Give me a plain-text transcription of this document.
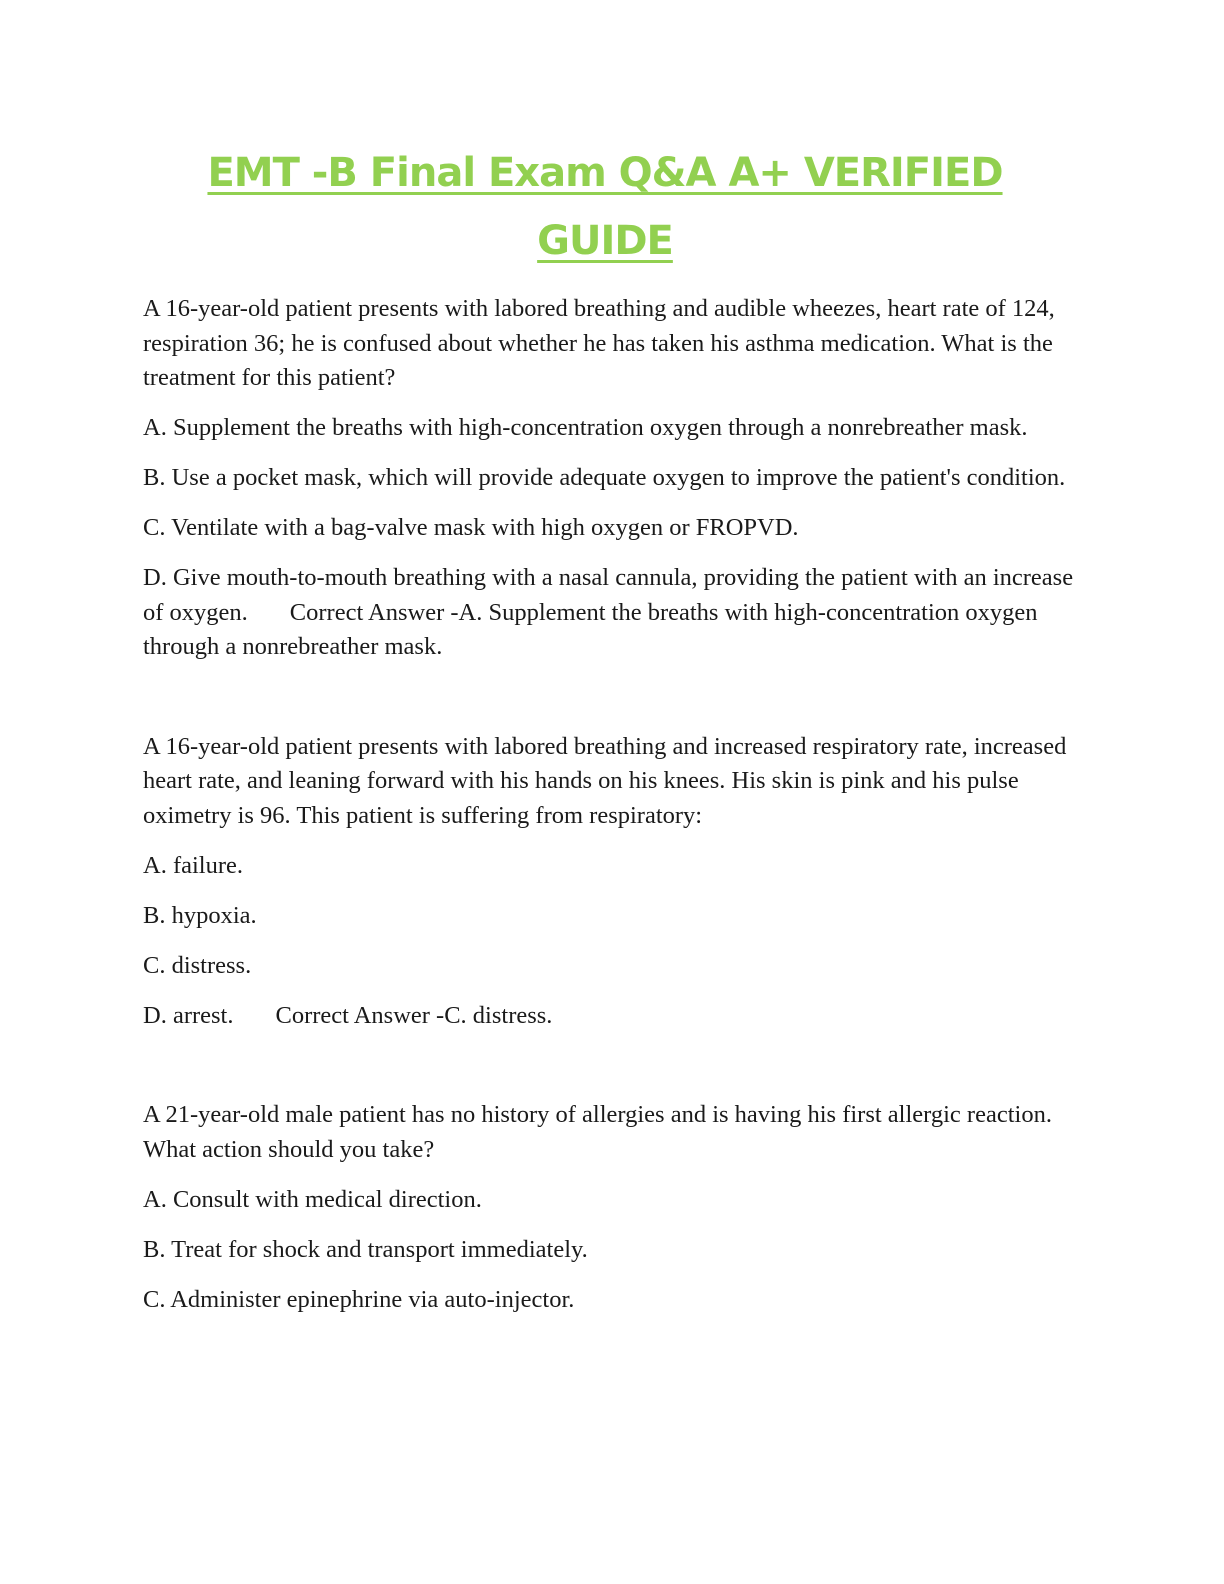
EMT -B Final Exam Q&A A+ VERIFIED
GUIDE

A 16-year-old patient presents with labored breathing and audible wheezes, heart rate of 124, respiration 36; he is confused about whether he has taken his asthma medication. What is the treatment for this patient?

A. Supplement the breaths with high-concentration oxygen through a nonrebreather mask.

B. Use a pocket mask, which will provide adequate oxygen to improve the patient's condition.

C. Ventilate with a bag-valve mask with high oxygen or FROPVD.

D. Give mouth-to-mouth breathing with a nasal cannula, providing the patient with an increase of oxygen. Correct Answer -A. Supplement the breaths with high-concentration oxygen through a nonrebreather mask.

A 16-year-old patient presents with labored breathing and increased respiratory rate, increased heart rate, and leaning forward with his hands on his knees. His skin is pink and his pulse oximetry is 96. This patient is suffering from respiratory:

A. failure.

B. hypoxia.

C. distress.

D. arrest. Correct Answer -C. distress.

A 21-year-old male patient has no history of allergies and is having his first allergic reaction. What action should you take?

A. Consult with medical direction.

B. Treat for shock and transport immediately.

C. Administer epinephrine via auto-injector.
